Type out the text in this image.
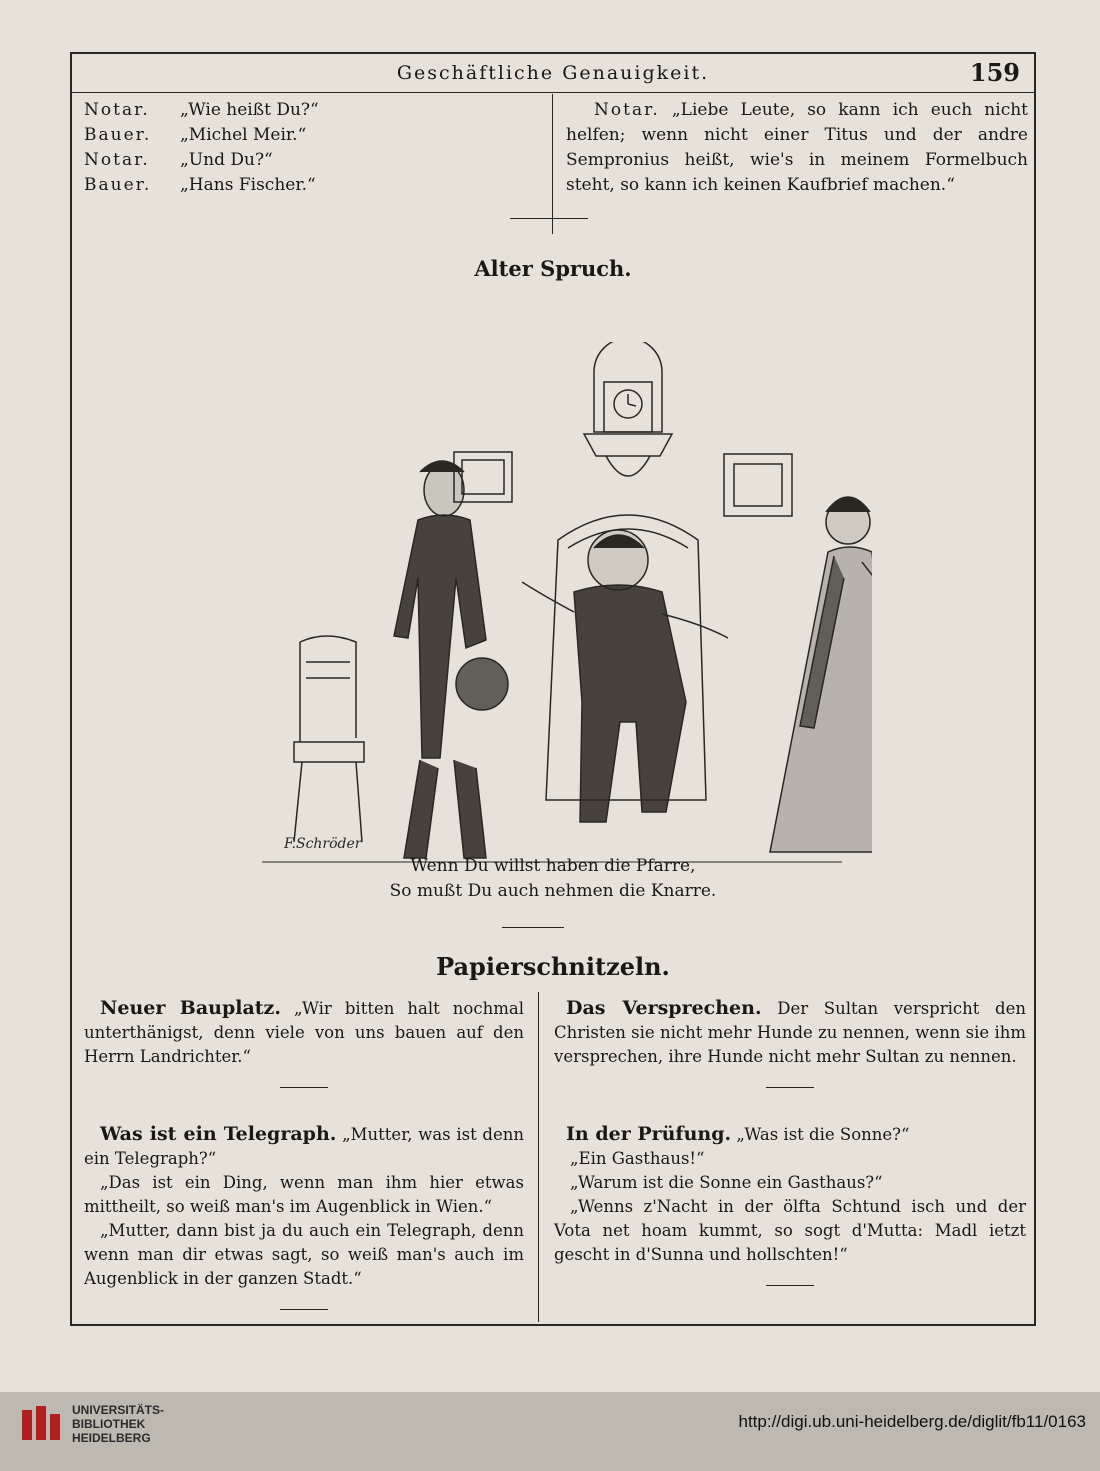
Geschäftliche Genauigkeit.	159
Notar.	„Wie heißt Du?“
Bauer.	„Michel Meir.“
Notar.	„Und Du?“
Bauer.	„Hans Fischer.“
Notar. „Liebe Leute, so kann ich euch nicht helfen; wenn nicht einer Titus und der andre Sempronius heißt, wie's in meinem Formelbuch steht, so kann ich keinen Kaufbrief machen.“
Alter Spruch.
F.Schröder
Wenn Du willst haben die Pfarre,
So mußt Du auch nehmen die Knarre.
Papierschnitzeln.

Neuer Bauplatz. „Wir bitten halt nochmal unterthänigst, denn viele von uns bauen auf den Herrn Landrichter.“

Was ist ein Telegraph. „Mutter, was ist denn ein Telegraph?“

„Das ist ein Ding, wenn man ihm hier etwas mittheilt, so weiß man's im Augenblick in Wien.“

„Mutter, dann bist ja du auch ein Telegraph, denn wenn man dir etwas sagt, so weiß man's auch im Augenblick in der ganzen Stadt.“

Das Versprechen. Der Sultan verspricht den Christen sie nicht mehr Hunde zu nennen, wenn sie ihm versprechen, ihre Hunde nicht mehr Sultan zu nennen.

In der Prüfung. „Was ist die Sonne?“

„Ein Gasthaus!“

„Warum ist die Sonne ein Gasthaus?“

„Wenns z'Nacht in der ölfta Schtund isch und der Vota net hoam kummt, so sogt d'Mutta: Madl ietzt gescht in d'Sunna und hollschten!“

UNIVERSITÄTS-
BIBLIOTHEK
HEIDELBERG
http://digi.ub.uni-heidelberg.de/diglit/fb11/0163
